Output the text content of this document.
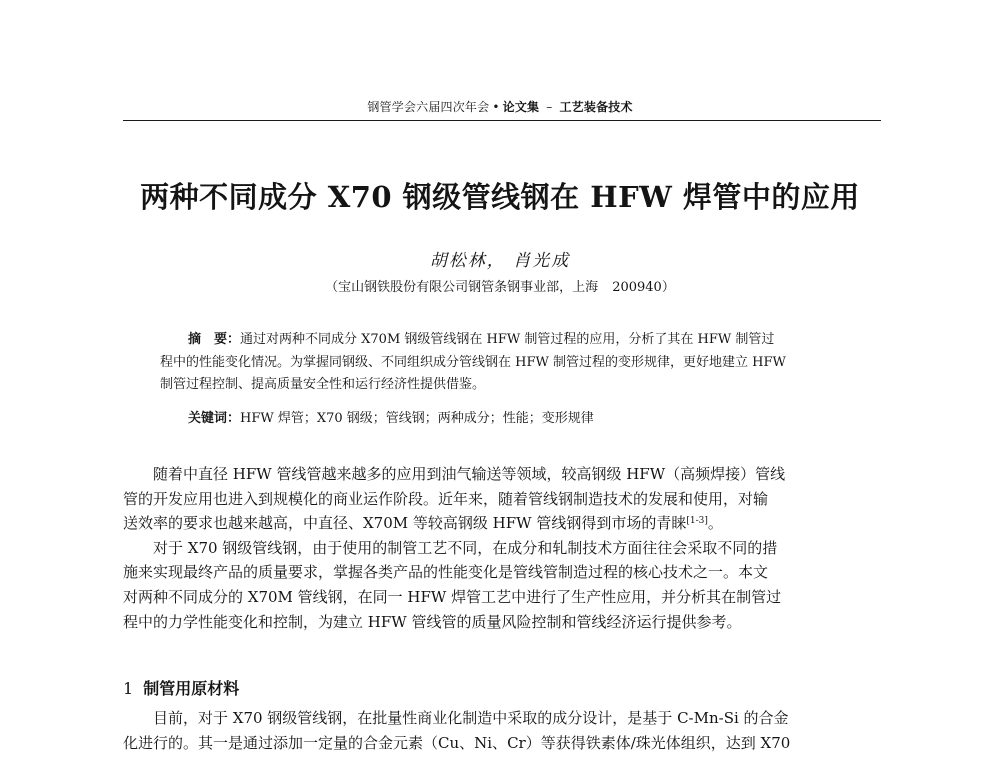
钢管学会六届四次年会 • 论文集 – 工艺装备技术
两种不同成分 X70 钢级管线钢在 HFW 焊管中的应用
胡松林， 肖光成
（宝山钢铁股份有限公司钢管条钢事业部，上海 200940）
摘　要：通过对两种不同成分 X70M 钢级管线钢在 HFW 制管过程的应用，分析了其在 HFW 制管过
程中的性能变化情况。为掌握同钢级、不同组织成分管线钢在 HFW 制管过程的变形规律，更好地建立 HFW
制管过程控制、提高质量安全性和运行经济性提供借鉴。
关键词：HFW 焊管；X70 钢级；管线钢；两种成分；性能；变形规律
随着中直径 HFW 管线管越来越多的应用到油气输送等领域，较高钢级 HFW（高频焊接）管线
管的开发应用也进入到规模化的商业运作阶段。近年来，随着管线钢制造技术的发展和使用，对输
送效率的要求也越来越高，中直径、X70M 等较高钢级 HFW 管线钢得到市场的青睐[1-3]。
对于 X70 钢级管线钢，由于使用的制管工艺不同，在成分和轧制技术方面往往会采取不同的措
施来实现最终产品的质量要求，掌握各类产品的性能变化是管线管制造过程的核心技术之一。本文
对两种不同成分的 X70M 管线钢，在同一 HFW 焊管工艺中进行了生产性应用，并分析其在制管过
程中的力学性能变化和控制，为建立 HFW 管线管的质量风险控制和管线经济运行提供参考。
1 制管用原材料
目前，对于 X70 钢级管线钢，在批量性商业化制造中采取的成分设计，是基于 C-Mn-Si 的合金
化进行的。其一是通过添加一定量的合金元素（Cu、Ni、Cr）等获得铁素体/珠光体组织，达到 X70
